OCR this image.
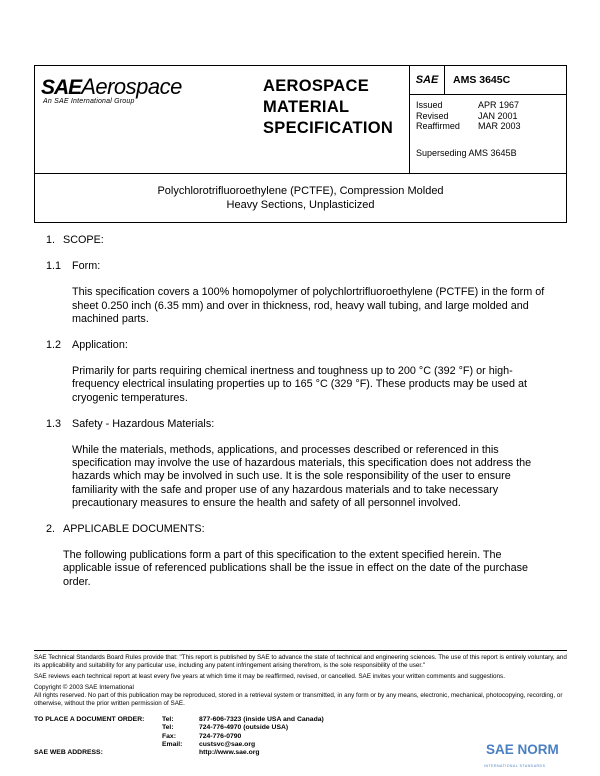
SAEAerospace
An SAE International Group
AEROSPACE
MATERIAL
SPECIFICATION
SAE	AMS 3645C
Issued	APR 1967
Revised	JAN 2001
Reaffirmed	MAR 2003
Superseding AMS 3645B
Polychlorotrifluoroethylene (PCTFE), Compression Molded
Heavy Sections, Unplasticized
1. SCOPE:
1.1	Form:
This specification covers a 100% homopolymer of polychlortrifluoroethylene (PCTFE) in the form of sheet 0.250 inch (6.35 mm) and over in thickness, rod, heavy wall tubing, and large molded and machined parts.
1.2	Application:
Primarily for parts requiring chemical inertness and toughness up to 200 °C (392 °F) or high-frequency electrical insulating properties up to 165 °C (329 °F). These products may be used at cryogenic temperatures.
1.3	Safety - Hazardous Materials:
While the materials, methods, applications, and processes described or referenced in this specification may involve the use of hazardous materials, this specification does not address the hazards which may be involved in such use. It is the sole responsibility of the user to ensure familiarity with the safe and proper use of any hazardous materials and to take necessary precautionary measures to ensure the health and safety of all personnel involved.
2. APPLICABLE DOCUMENTS:
The following publications form a part of this specification to the extent specified herein. The applicable issue of referenced publications shall be the issue in effect on the date of the purchase order.

SAE Technical Standards Board Rules provide that: "This report is published by SAE to advance the state of technical and engineering sciences. The use of this report is entirely voluntary, and its applicability and suitability for any particular use, including any patent infringement arising therefrom, is the sole responsibility of the user."

SAE reviews each technical report at least every five years at which time it may be reaffirmed, revised, or cancelled. SAE invites your written comments and suggestions.

Copyright © 2003 SAE International

All rights reserved. No part of this publication may be reproduced, stored in a retrieval system or transmitted, in any form or by any means, electronic, mechanical, photocopying, recording, or otherwise, without the prior written permission of SAE.

TO PLACE A DOCUMENT ORDER:	Tel:	877-606-7323 (inside USA and Canada)
Tel:	724-776-4970 (outside USA)
Fax:	724-776-0790
Email:	custsvc@sae.org
SAE WEB ADDRESS:	http://www.sae.org	SAE NORM
INTERNATIONAL STANDARDS
